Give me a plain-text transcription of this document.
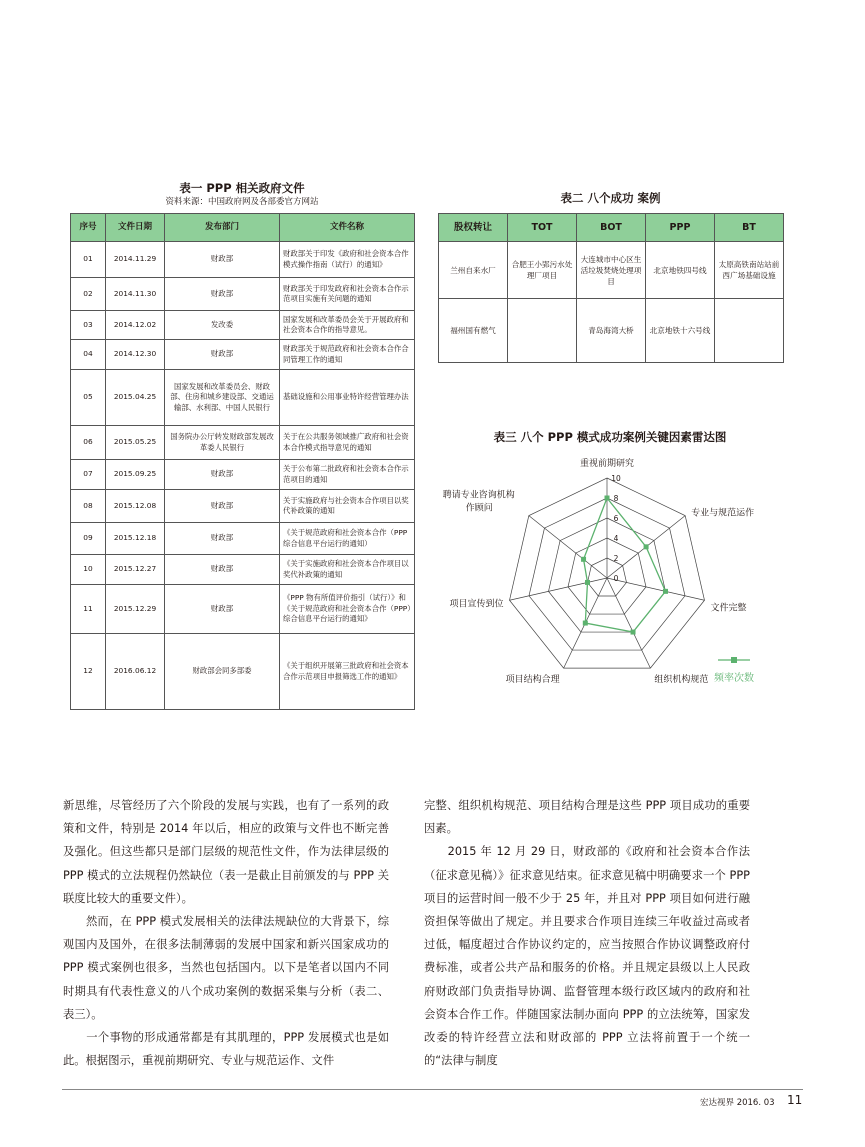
表一 PPP 相关政府文件
资料来源：中国政府网及各部委官方网站
序号	文件日期	发布部门	文件名称
01	2014.11.29	财政部	财政部关于印发《政府和社会资本合作模式操作指南（试行）的通知》
02	2014.11.30	财政部	财政部关于印发政府和社会资本合作示范项目实施有关问题的通知
03	2014.12.02	发改委	国家发展和改革委员会关于开展政府和社会资本合作的指导意见。
04	2014.12.30	财政部	财政部关于规范政府和社会资本合作合同管理工作的通知
05	2015.04.25	国家发展和改革委员会、财政部、住房和城乡建设部、交通运输部、水利部、中国人民银行	基础设施和公用事业特许经营管理办法
06	2015.05.25	国务院办公厅转发财政部发展改革委人民银行	关于在公共服务领域推广政府和社会资本合作模式指导意见的通知
07	2015.09.25	财政部	关于公布第二批政府和社会资本合作示范项目的通知
08	2015.12.08	财政部	关于实施政府与社会资本合作项目以奖代补政策的通知
09	2015.12.18	财政部	《关于规范政府和社会资本合作（PPP 综合信息平台运行的通知）
10	2015.12.27	财政部	《关于实施政府和社会资本合作项目以奖代补政策的通知
11	2015.12.29	财政部	《PPP 物有所值评价指引（试行）》和《关于规范政府和社会资本合作（PPP）综合信息平台运行的通知》
12	2016.06.12	财政部会同多部委	《关于组织开展第三批政府和社会资本合作示范项目申报筛选工作的通知》
表二 八个成功 案例
股权转让	TOT	BOT	PPP	BT
兰州自来水厂	合肥王小郢污水处理厂项目	大连城市中心区生活垃圾焚烧处理项目	北京地铁四号线	太原高铁南站站前西广场基础设施
福州国有燃气		青岛海湾大桥	北京地铁十六号线	
表三 八个 PPP 模式成功案例关键因素雷达图
0
2
4
6
8
10
重视前期研究
专业与规范运作
文件完整
组织机构规范
项目结构合理
项目宣传到位
聘请专业咨询机构作顾问
频率次数
新思维，尽管经历了六个阶段的发展与实践，也有了一系列的政策和文件，特别是 2014 年以后，相应的政策与文件也不断完善及强化。但这些都只是部门层级的规范性文件，作为法律层级的 PPP 模式的立法规程仍然缺位（表一是截止目前颁发的与 PPP 关联度比较大的重要文件）。
　　然而，在 PPP 模式发展相关的法律法规缺位的大背景下，综观国内及国外，在很多法制薄弱的发展中国家和新兴国家成功的 PPP 模式案例也很多，当然也包括国内。以下是笔者以国内不同时期具有代表性意义的八个成功案例的数据采集与分析（表二、表三）。
　　一个事物的形成通常都是有其肌理的，PPP 发展模式也是如此。根据图示，重视前期研究、专业与规范运作、文件
完整、组织机构规范、项目结构合理是这些 PPP 项目成功的重要因素。
　　2015 年 12 月 29 日，财政部的《政府和社会资本合作法（征求意见稿）》征求意见结束。征求意见稿中明确要求一个 PPP 项目的运营时间一般不少于 25 年，并且对 PPP 项目如何进行融资担保等做出了规定。并且要求合作项目连续三年收益过高或者过低，幅度超过合作协议约定的，应当按照合作协议调整政府付费标准，或者公共产品和服务的价格。并且规定县级以上人民政府财政部门负责指导协调、监督管理本级行政区域内的政府和社会资本合作工作。伴随国家法制办面向 PPP 的立法统筹，国家发改委的特许经营立法和财政部的 PPP 立法将前置于一个统一的“法律与制度
宏达视界 2016. 03 11
